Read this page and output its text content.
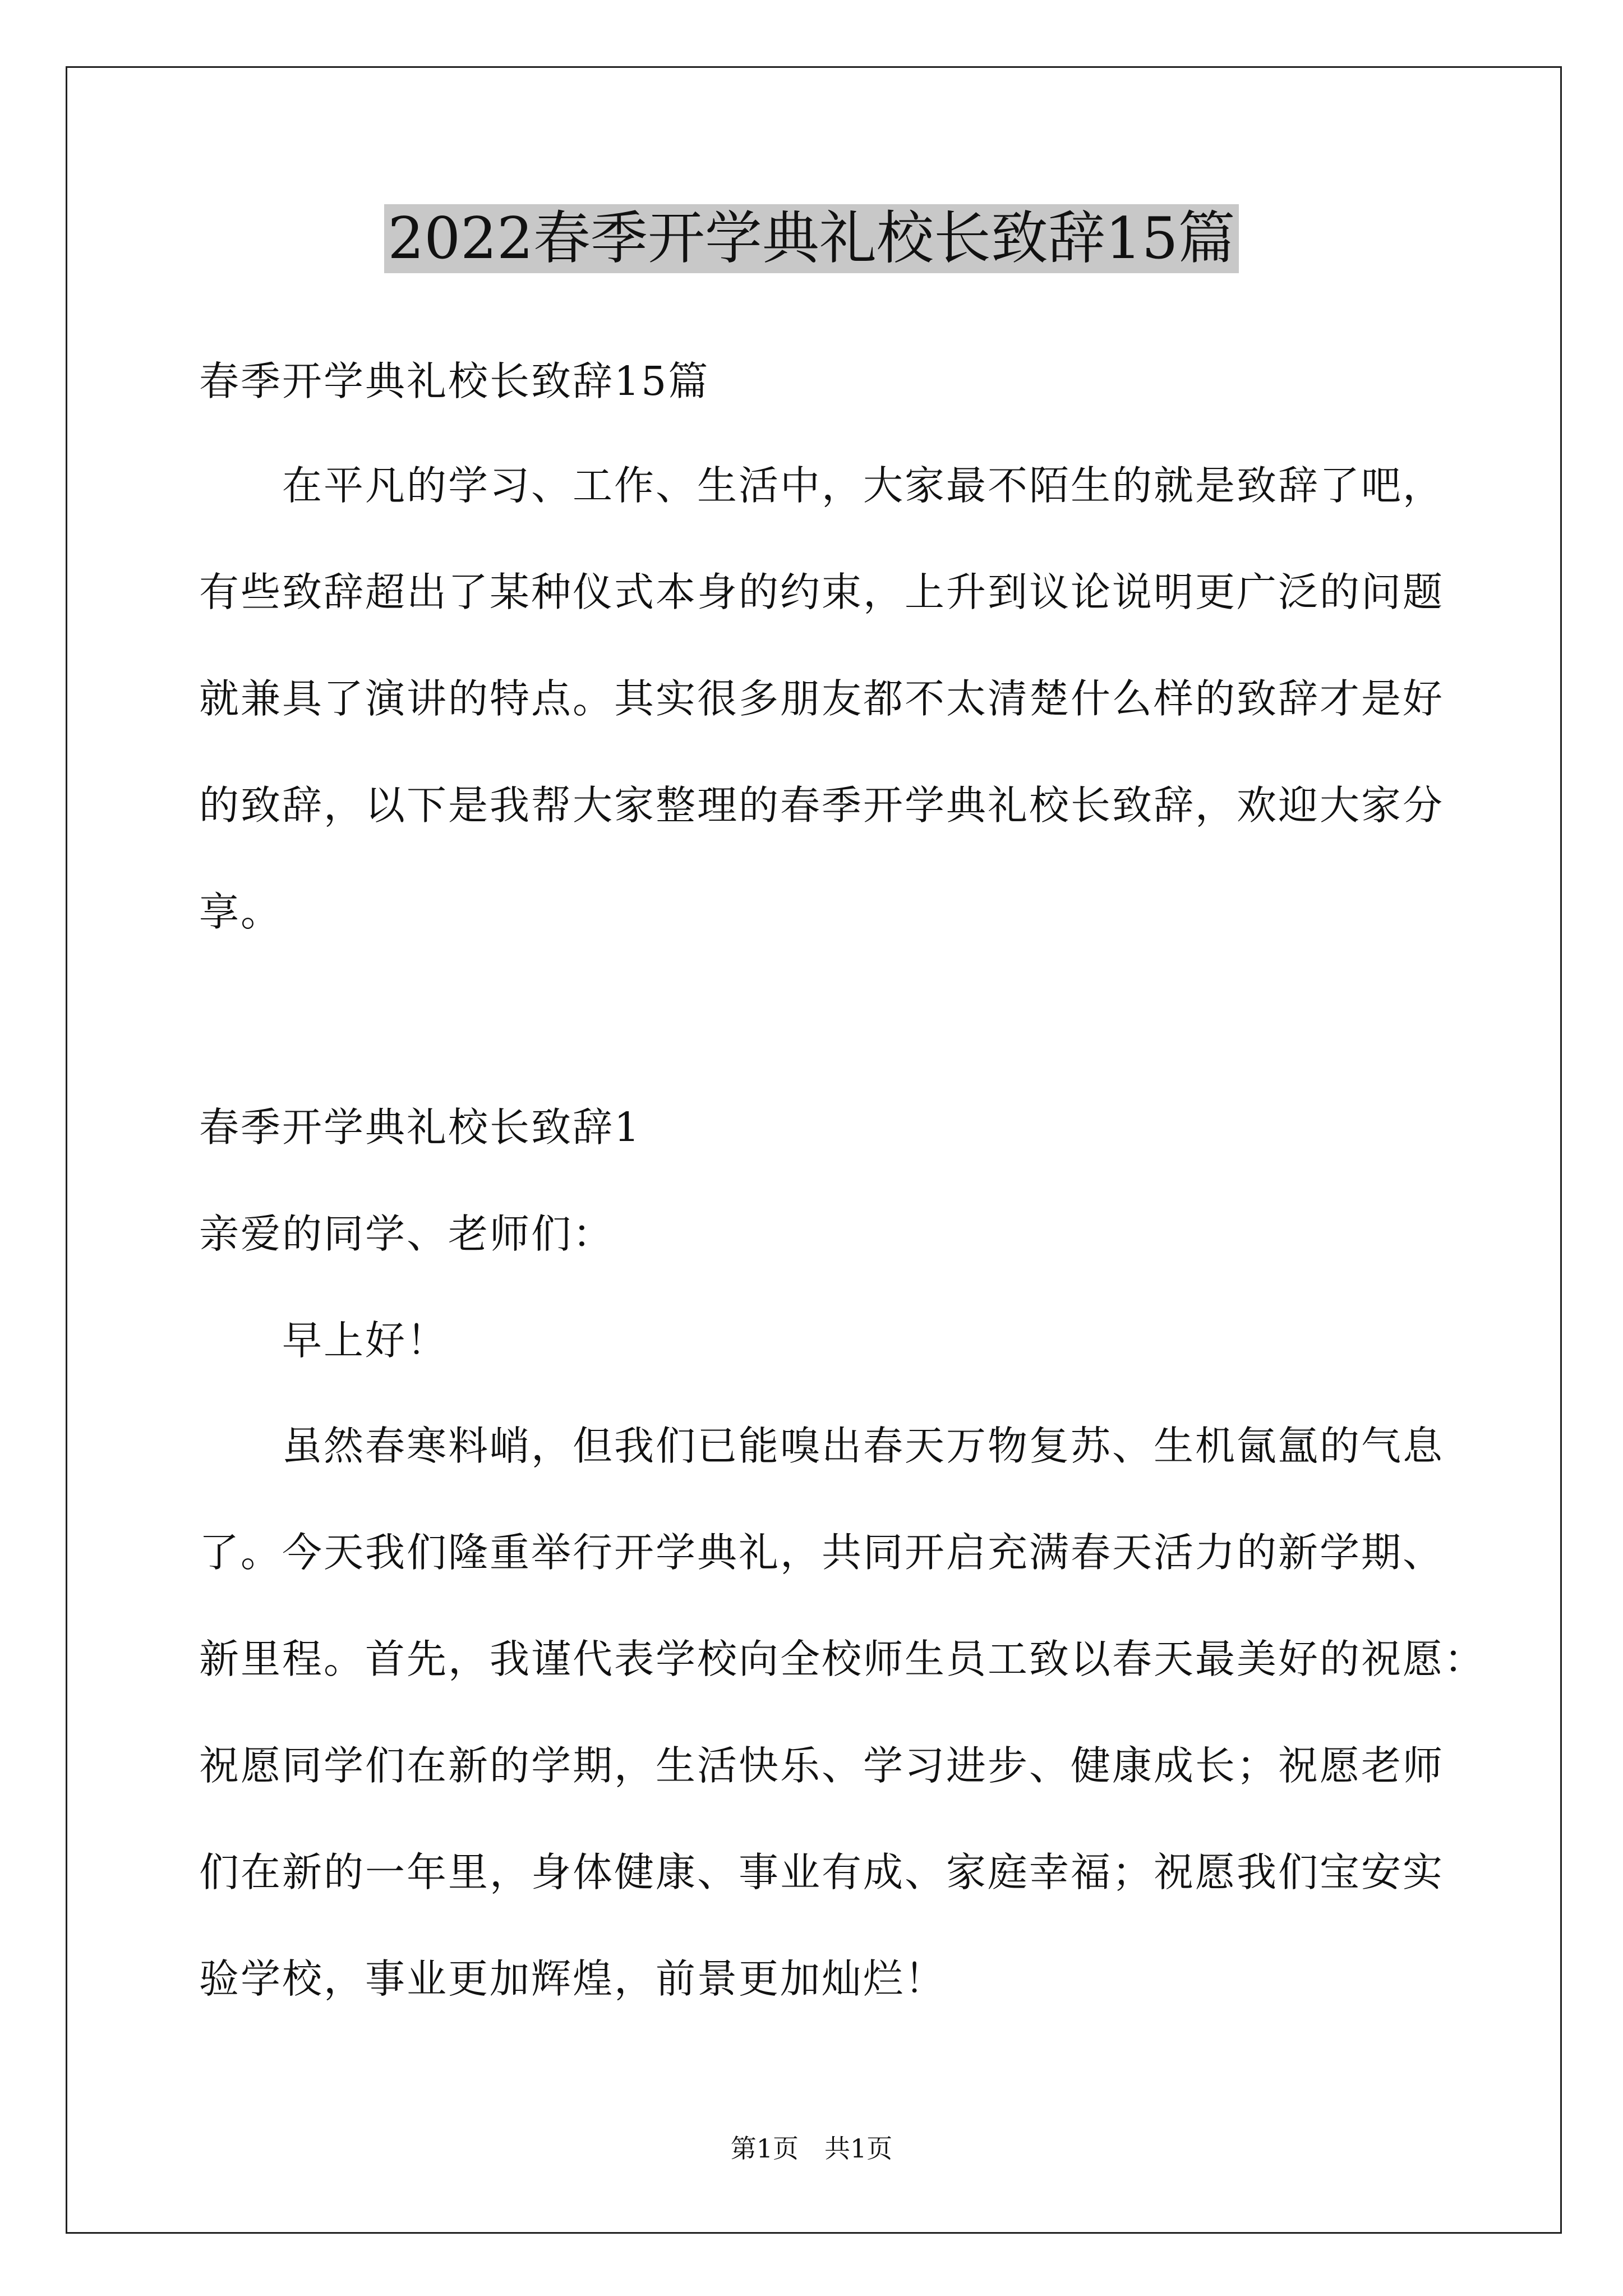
2022春季开学典礼校长致辞15篇
春季开学典礼校长致辞15篇
在平凡的学习、工作、生活中，大家最不陌生的就是致辞了吧，
有些致辞超出了某种仪式本身的约束，上升到议论说明更广泛的问题
就兼具了演讲的特点。其实很多朋友都不太清楚什么样的致辞才是好
的致辞，以下是我帮大家整理的春季开学典礼校长致辞，欢迎大家分
享。
春季开学典礼校长致辞1
亲爱的同学、老师们：
早上好！
虽然春寒料峭，但我们已能嗅出春天万物复苏、生机氤氲的气息
了。今天我们隆重举行开学典礼，共同开启充满春天活力的新学期、
新里程。首先，我谨代表学校向全校师生员工致以春天最美好的祝愿：
祝愿同学们在新的学期，生活快乐、学习进步、健康成长；祝愿老师
们在新的一年里，身体健康、事业有成、家庭幸福；祝愿我们宝安实
验学校，事业更加辉煌，前景更加灿烂！
第1页　共1页
